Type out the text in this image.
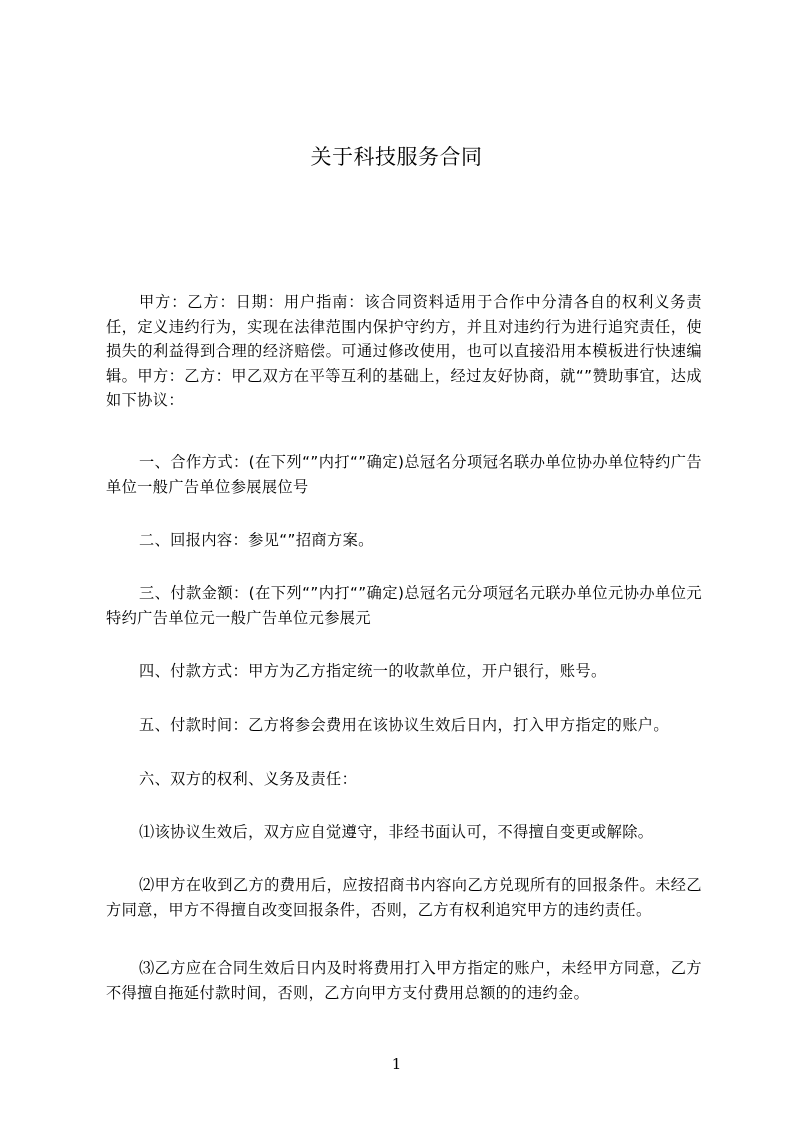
关于科技服务合同

甲方：乙方：日期：用户指南：该合同资料适用于合作中分清各自的权利义务责任，定义违约行为，实现在法律范围内保护守约方，并且对违约行为进行追究责任，使损失的利益得到合理的经济赔偿。可通过修改使用，也可以直接沿用本模板进行快速编辑。甲方：乙方：甲乙双方在平等互利的基础上，经过友好协商，就“”赞助事宜，达成如下协议：

一、合作方式：(在下列“”内打“”确定)总冠名分项冠名联办单位协办单位特约广告单位一般广告单位参展展位号

二、回报内容：参见“”招商方案。

三、付款金额：(在下列“”内打“”确定)总冠名元分项冠名元联办单位元协办单位元特约广告单位元一般广告单位元参展元

四、付款方式：甲方为乙方指定统一的收款单位，开户银行，账号。

五、付款时间：乙方将参会费用在该协议生效后日内，打入甲方指定的账户。

六、双方的权利、义务及责任：

⑴该协议生效后，双方应自觉遵守，非经书面认可，不得擅自变更或解除。

⑵甲方在收到乙方的费用后，应按招商书内容向乙方兑现所有的回报条件。未经乙方同意，甲方不得擅自改变回报条件，否则，乙方有权利追究甲方的违约责任。

⑶乙方应在合同生效后日内及时将费用打入甲方指定的账户，未经甲方同意，乙方不得擅自拖延付款时间，否则，乙方向甲方支付费用总额的的违约金。

1
